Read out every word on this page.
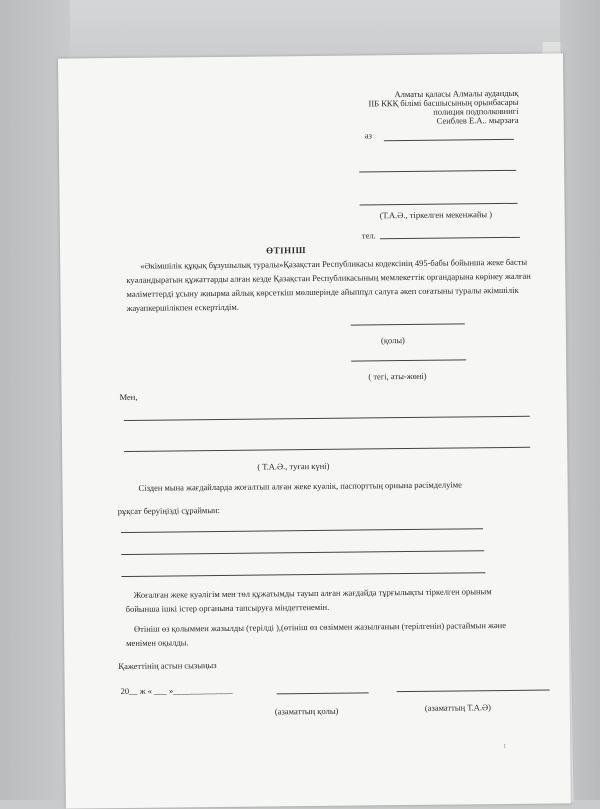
Алматы қаласы Алмалы аудандық
ІІБ ККҚ білімі басшысының орынбасары
полиция подполковнигі
Сеиблев Е.А.. мырзаға
аз
(Т.А.Ә., тіркелген мекенжайы )
тел.
ӨТІНІШ
«Әкімшілік құқық бұзушылық туралы»Қазақстан Республикасы кодексінің 495-бабы бойынша жеке басты куәландыратын құжаттарды алған кезде Қазақстан Республикасының мемлекеттік органдарына көрінеу жалған мәліметтерді ұсыну жиырма айлық көрсеткіш мөлшерінде айыппұл салуға әкеп соғатыны туралы әкімшілік жауапкершілікпен ескертілдім.
(қолы)
( тегі, аты-жөні)
Мен,
( Т.А.Ә., туған күні)
Сізден мына жағдайларда жоғалтып алған жеке куәлік, паспорттың орнына рәсімделуіме
рұқсат беруіңізді сұраймын:
Жоғалған жеке куәлігім мен төл құжатымды тауып алған жағдайда тұрғылықты тіркелген орыным бойынша ішкі істер органына тапсыруға міндеттенемін.
Өтініш өз қолыммен жазылды (терілді ),(өтініш өз сөзіммен жазылғанын (терілгенін) растаймын және менімен оқылды.
Қажеттінің астын сызыңыз
20__ ж « ___ »______________
(азаматтың қолы)	(азаматтың Т.А.Ә)
1
